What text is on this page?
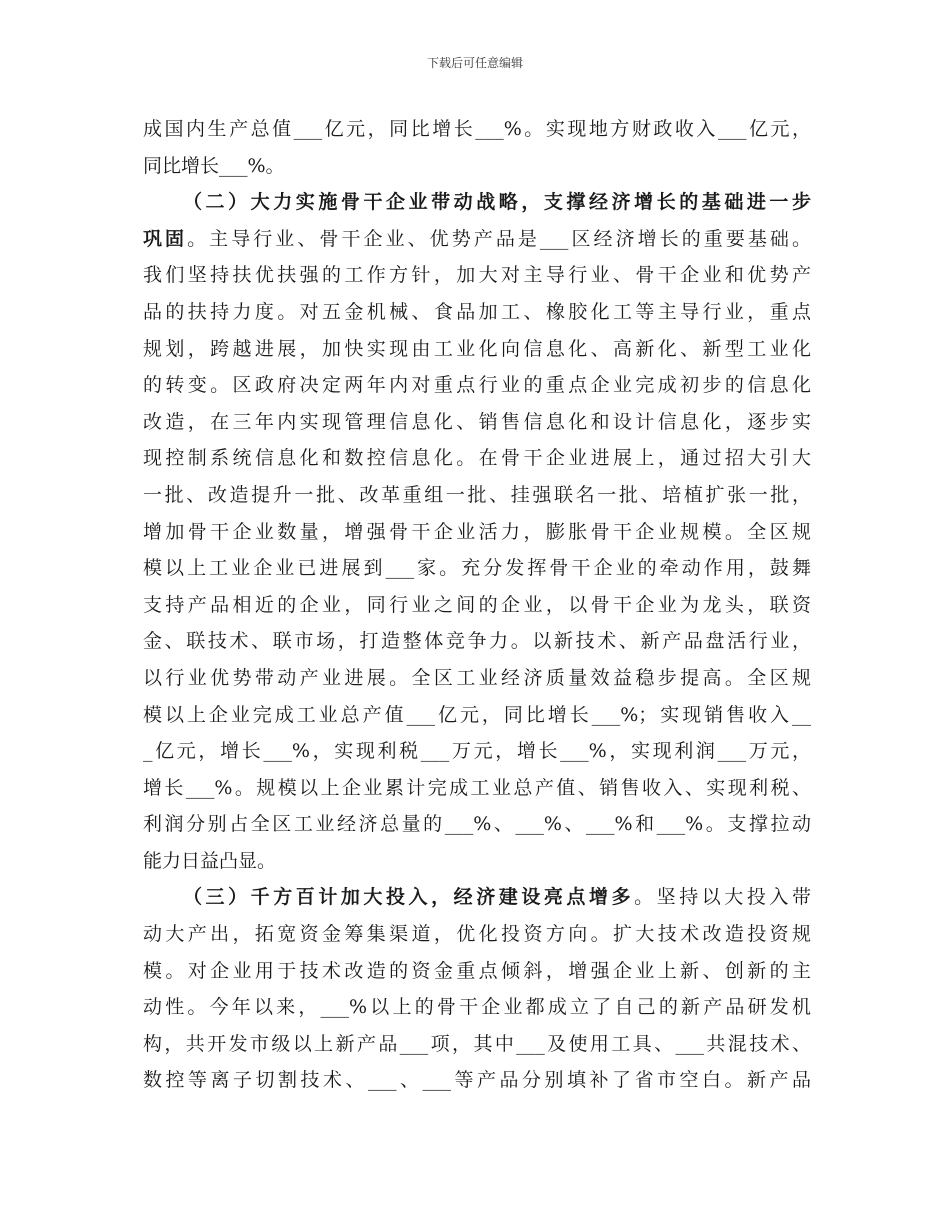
下载后可任意编辑
成国内生产总值___亿元，同比增长___%。实现地方财政收入___亿元，
同比增长___%。
（二）大力实施骨干企业带动战略，支撑经济增长的基础进一步
巩固。主导行业、骨干企业、优势产品是___区经济增长的重要基础。
我们坚持扶优扶强的工作方针，加大对主导行业、骨干企业和优势产
品的扶持力度。对五金机械、食品加工、橡胶化工等主导行业，重点
规划，跨越进展，加快实现由工业化向信息化、高新化、新型工业化
的转变。区政府决定两年内对重点行业的重点企业完成初步的信息化
改造，在三年内实现管理信息化、销售信息化和设计信息化，逐步实
现控制系统信息化和数控信息化。在骨干企业进展上，通过招大引大
一批、改造提升一批、改革重组一批、挂强联名一批、培植扩张一批，
增加骨干企业数量，增强骨干企业活力，膨胀骨干企业规模。全区规
模以上工业企业已进展到___家。充分发挥骨干企业的牵动作用，鼓舞
支持产品相近的企业，同行业之间的企业，以骨干企业为龙头，联资
金、联技术、联市场，打造整体竞争力。以新技术、新产品盘活行业，
以行业优势带动产业进展。全区工业经济质量效益稳步提高。全区规
模以上企业完成工业总产值___亿元，同比增长___%；实现销售收入__
_亿元，增长___%，实现利税___万元，增长___%，实现利润___万元，
增长___%。规模以上企业累计完成工业总产值、销售收入、实现利税、
利润分别占全区工业经济总量的___%、___%、___%和___%。支撑拉动
能力日益凸显。
（三）千方百计加大投入，经济建设亮点增多。坚持以大投入带
动大产出，拓宽资金筹集渠道，优化投资方向。扩大技术改造投资规
模。对企业用于技术改造的资金重点倾斜，增强企业上新、创新的主
动性。今年以来，___%以上的骨干企业都成立了自己的新产品研发机
构，共开发市级以上新产品___项，其中___及使用工具、___共混技术、
数控等离子切割技术、___、___等产品分别填补了省市空白。新产品
